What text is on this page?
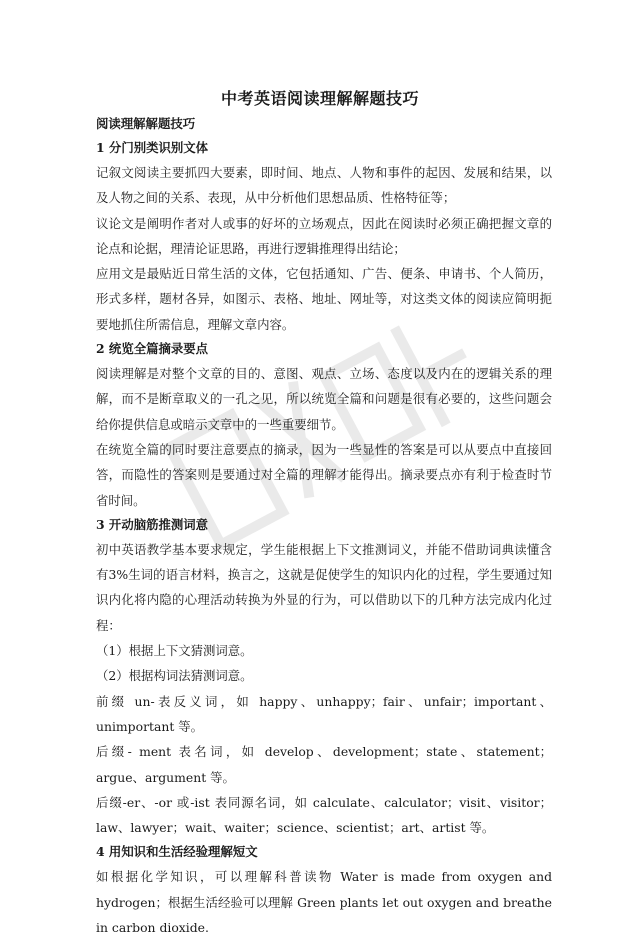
中考英语阅读理解解题技巧
阅读理解解题技巧
1 分门别类识别文体

记叙文阅读主要抓四大要素，即时间、地点、人物和事件的起因、发展和结果，以及人物之间的关系、表现，从中分析他们思想品质、性格特征等；

议论文是阐明作者对人或事的好坏的立场观点，因此在阅读时必须正确把握文章的论点和论据，理清论证思路，再进行逻辑推理得出结论；

应用文是最贴近日常生活的文体，它包括通知、广告、便条、申请书、个人简历，形式多样，题材各异，如图示、表格、地址、网址等，对这类文体的阅读应简明扼要地抓住所需信息，理解文章内容。

2 统览全篇摘录要点

阅读理解是对整个文章的目的、意图、观点、立场、态度以及内在的逻辑关系的理解，而不是断章取义的一孔之见，所以统览全篇和问题是很有必要的，这些问题会给你提供信息或暗示文章中的一些重要细节。

在统览全篇的同时要注意要点的摘录，因为一些显性的答案是可以从要点中直接回答，而隐性的答案则是要通过对全篇的理解才能得出。摘录要点亦有利于检查时节省时间。

3 开动脑筋推测词意

初中英语教学基本要求规定，学生能根据上下文推测词义，并能不借助词典读懂含有3%生词的语言材料，换言之，这就是促使学生的知识内化的过程，学生要通过知识内化将内隐的心理活动转换为外显的行为，可以借助以下的几种方法完成内化过程：

（1）根据上下文猜测词意。

（2）根据构词法猜测词意。

前缀 un-表反义词，如 happy、unhappy；fair、unfair；important、unimportant 等。

后缀- ment 表名词，如 develop、development；state、statement；argue、argument 等。

后缀-er、-or 或-ist 表同源名词，如 calculate、calculator；visit、visitor；law、lawyer；wait、waiter；science、scientist；art、artist 等。

4 用知识和生活经验理解短文

如根据化学知识，可以理解科普读物 Water is made from oxygen and hydrogen；根据生活经验可以理解 Green plants let out oxygen and breathe in carbon dioxide.
